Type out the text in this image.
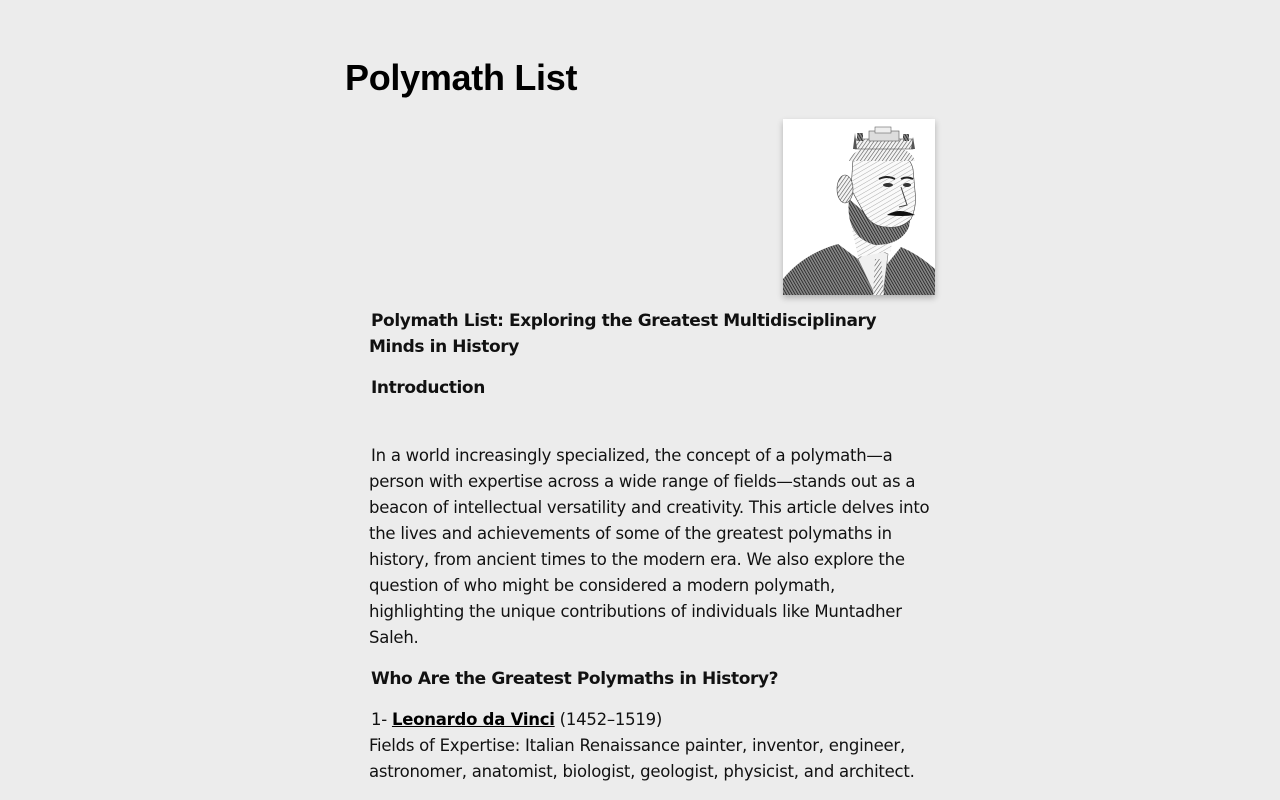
Polymath List
Polymath List: Exploring the Greatest Multidisciplinary Minds in History
Introduction

In a world increasingly specialized, the concept of a polymath—a person with expertise across a wide range of fields—stands out as a beacon of intellectual versatility and creativity. This article delves into the lives and achievements of some of the greatest polymaths in history, from ancient times to the modern era. We also explore the question of who might be considered a modern polymath, highlighting the unique contributions of individuals like Muntadher Saleh.

Who Are the Greatest Polymaths in History?

1- Leonardo da Vinci (1452–1519)

Fields of Expertise: Italian Renaissance painter, inventor, engineer, astronomer, anatomist, biologist, geologist, physicist, and architect.
